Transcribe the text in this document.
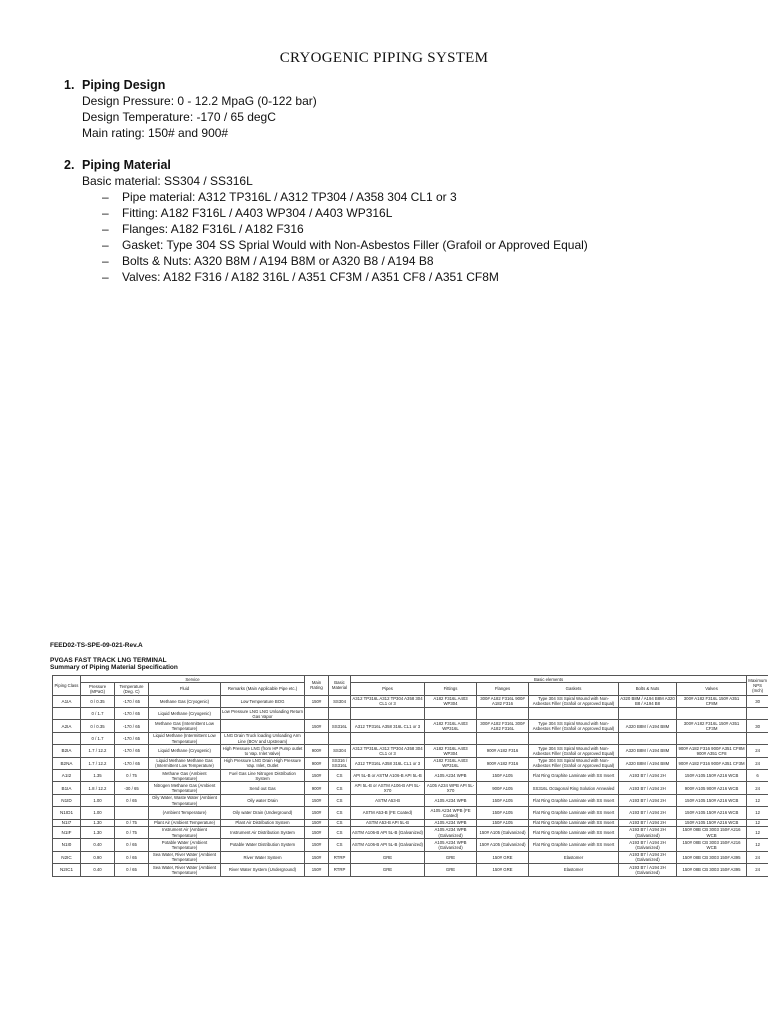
CRYOGENIC PIPING SYSTEM
1. Piping Design
Design Pressure: 0 - 12.2 MpaG (0-122 bar)
Design Temperature: -170 / 65 degC
Main rating: 150# and 900#
2. Piping Material
Basic material: SS304 / SS316L
–	Pipe material: A312 TP316L / A312 TP304 / A358 304 CL1 or 3
–	Fitting: A182 F316L / A403 WP304 / A403 WP316L
–	Flanges: A182 F316L / A182 F316
–	Gasket: Type 304 SS Sprial Would with Non-Asbestos Filler (Grafoil or Approved Equal)
–	Bolts & Nuts: A320 B8M / A194 B8M or A320 B8 / A194 B8
–	Valves: A182 F316 / A182 316L / A351 CF3M / A351 CF8 / A351 CF8M
FEED02-TS-SPE-09-021-Rev.A
PVGAS FAST TRACK LNG TERMINAL
Summary of Piping Material Specification
Piping Class	Service				Main Rating	Basic Material	Basic elements						Maximum NPS (Inch)
	Pressure (MPaG)	Temperature (Deg. C)	Fluid	Remarks (Main Applicable Pipe etc.)			Pipes	Fittings	Flanges	Gaskets	Bolts & Nuts	Valves	
A1IA	0 / 0.35	-170 / 65	Methane Gas (Cryogenic)	Low Temperature BOG	150#	SS304	A312 TP316L A312 TP304 A358 304 CL1 or 3	A182 F316L A403 WP304	300# A182 F316L 900# A182 F316	Type 304 SS Spiral Wound with Non-Asbestos Filler (Grafoil or Approved Equal)	A320 B8M / A194 B8M A320 B8 / A194 B8	300# A182 F316L 150# A351 CF8M	30
	0 / 1.7	-170 / 65	Liquid Methane (Cryogenic)	Low Pressure LNG LNG Unloading Return Gas Vapor									
A2IA	0 / 0.35	-170 / 65	Methane Gas (Intermittent Low Temperature)		150#	SS316L	A312 TP316L A358 316L CL1 or 3	A182 F316L A403 WP316L	300# A182 F316L 300# A182 F316L	Type 304 SS Spiral Wound with Non-Asbestos Filler (Grafoil or Approved Equal)	A320 B8M / A194 B8M	300# A182 F316L 150# A351 CF3M	30
	0 / 1.7	-170 / 65	Liquid Methane (Intermittent Low Temperature)	LNG Drain Truck loading Unloading Arm Line (BOV and Upstream)									
B2IA	1.7 / 12.2	-170 / 65	Liquid Methane (Cryogenic)	High Pressure LNG (from HP Pump outlet to Vap. Inlet Valve)	900#	SS304	A312 TP316L A312 TP304 A358 304 CL1 or 3	A182 F316L A403 WP304	900# A182 F316	Type 304 SS Spiral Wound with Non-Asbestos Filler (Grafoil or Approved Equal)	A320 B8M / A194 B8M	900# A182 F316 900# A351 CF8M 900# A351 CF8	24
B2NA	1.7 / 12.2	-170 / 65	Liquid Methane Methane Gas (Intermittent Low Temperature)	High Pressure LNG Drain High Pressure Vap. Inlet, Outlet	900#	SS316 / SS316L	A312 TP316L A358 316L CL1 or 3	A182 F316L A403 WP316L	900# A182 F316	Type 304 SS Spiral Wound with Non-Asbestos Filler (Grafoil or Approved Equal)	A320 B8M / A194 B8M	900# A182 F316 900# A351 CF3M	24
A1I2	1.35	0 / 75	Methane Gas (Ambient Temperature)	Fuel Gas Line Nitrogen Distribution System	150#	CS	API 5L-B or ASTM A106-B API 5L-B	A105 A234 WPB	150# A105	Flat Ring Graphite Laminate with SS Insert	A193 B7 / A194 2H	150# A105 150# A216 WCB	6
B1IA	1.8 / 12.2	-30 / 65	Nitrogen Methane Gas (Ambient Temperature)	Send out Gas	900#	CS	API 5L-B or ASTM A106-B API 5L-X70	A105 A234 WPB API 5L-X70	900# A105	SS316L Octagonal Ring Solution Annealed	A193 B7 / A194 2H	900# A105 900# A216 WCB	24
N1ID	1.00	0 / 65	Oily Water, Waste Water (Ambient Temperature)	Oily water Drain	150#	CS	ASTM A53-B	A105 A234 WPB	150# A105	Flat Ring Graphite Laminate with SS Insert	A193 B7 / A194 2H	150# A105 150# A216 WCB	12
N1ID1	1.00		(Ambient Temperature)	Oily water Drain (Underground)	150#	CS	ASTM A53-B (FE Coated)	A105 A234 WPB (FE Coated)	150# A105	Flat Ring Graphite Laminate with SS Insert	A193 B7 / A194 2H	150# A105 150# A216 WCB	12
N1I7	1.30	0 / 75	Plant Air (Ambient Temperature)	Plant Air Distribution System	150#	CS	ASTM A53-B API 5L-B	A105 A234 WPB	150# A105	Flat Ring Graphite Laminate with SS Insert	A193 B7 / A194 2H	150# A105 150# A216 WCB	12
N1IF	1.30	0 / 75	Instrument Air (Ambient Temperature)	Instrument Air Distribution System	150#	CS	ASTM A106-B API 5L-B (Galvanized)	A105 A234 WPB (Galvanized)	150# A105 (Galvanized)	Flat Ring Graphite Laminate with SS Insert	A193 B7 / A194 2H (Galvanized)	150# 08B CB 3003 150# A216 WCB	12
N1I0	0.40	0 / 65	Potable Water (Ambient Temperature)	Potable Water Distribution System	150#	CS	ASTM A106-B API 5L-B (Galvanized)	A105 A234 WPB (Galvanized)	150# A105 (Galvanized)	Flat Ring Graphite Laminate with SS Insert	A193 B7 / A194 2H (Galvanized)	150# 08B CB 3003 150# A216 WCB	12
N2IC	0.90	0 / 65	Sea Water, River Water (Ambient Temperature)	River Water System	150#	RTRP	GRE	GRE	150# GRE	Elastomer	A193 B7 / A194 2H (Galvanized)	150# 08B CB 3003 150# A395	24
N2IC1	0.40	0 / 65	Sea Water, River Water (Ambient Temperature)	River Water System (Underground)	150#	RTRP	GRE	GRE	150# GRE	Elastomer	A193 B7 / A194 2H (Galvanized)	150# 08B CB 3003 150# A395	24
